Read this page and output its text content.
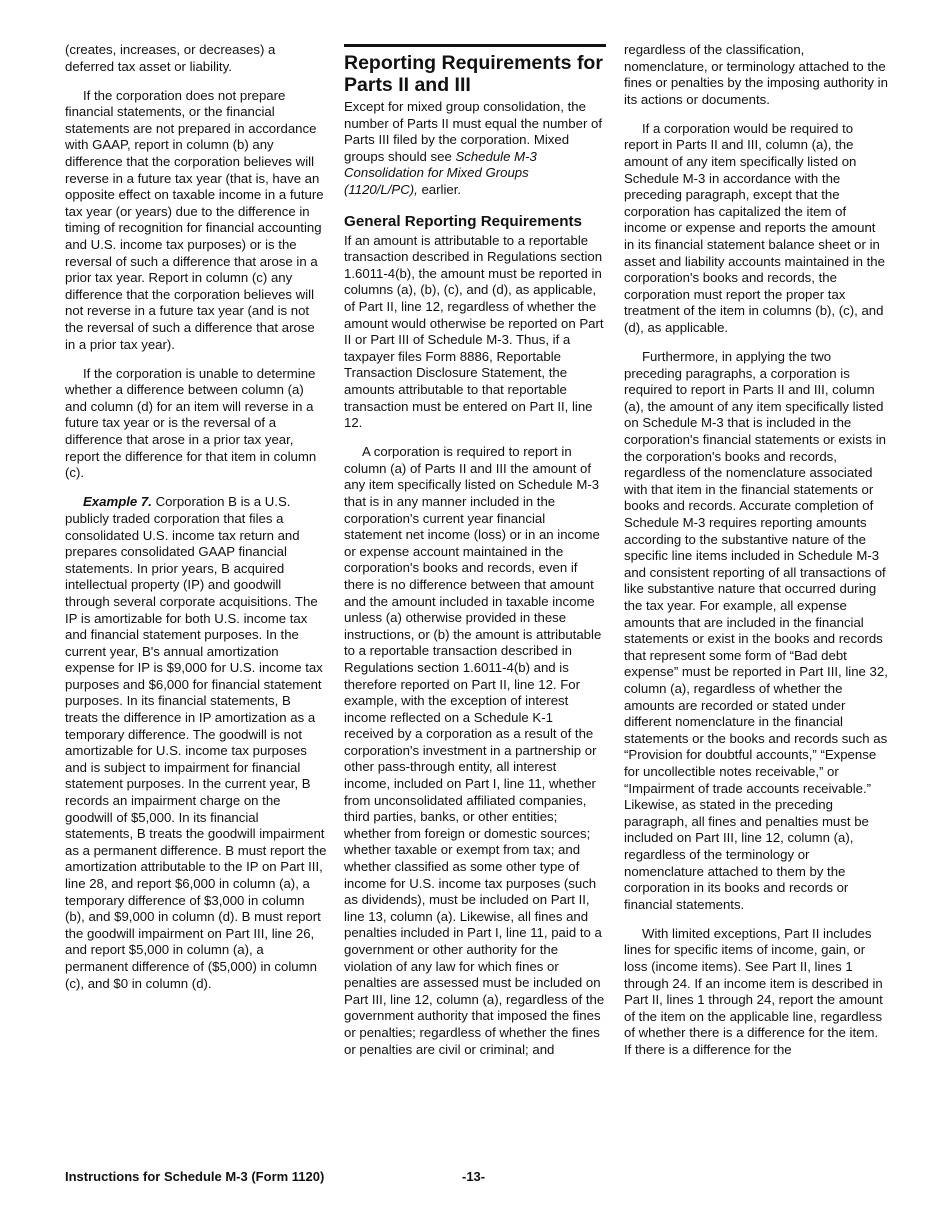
(creates, increases, or decreases) a deferred tax asset or liability.

If the corporation does not prepare financial statements, or the financial statements are not prepared in accordance with GAAP, report in column (b) any difference that the corporation believes will reverse in a future tax year (that is, have an opposite effect on taxable income in a future tax year (or years) due to the difference in timing of recognition for financial accounting and U.S. income tax purposes) or is the reversal of such a difference that arose in a prior tax year. Report in column (c) any difference that the corporation believes will not reverse in a future tax year (and is not the reversal of such a difference that arose in a prior tax year).

If the corporation is unable to determine whether a difference between column (a) and column (d) for an item will reverse in a future tax year or is the reversal of a difference that arose in a prior tax year, report the difference for that item in column (c).

Example 7. Corporation B is a U.S. publicly traded corporation that files a consolidated U.S. income tax return and prepares consolidated GAAP financial statements. In prior years, B acquired intellectual property (IP) and goodwill through several corporate acquisitions. The IP is amortizable for both U.S. income tax and financial statement purposes. In the current year, B's annual amortization expense for IP is $9,000 for U.S. income tax purposes and $6,000 for financial statement purposes. In its financial statements, B treats the difference in IP amortization as a temporary difference. The goodwill is not amortizable for U.S. income tax purposes and is subject to impairment for financial statement purposes. In the current year, B records an impairment charge on the goodwill of $5,000. In its financial statements, B treats the goodwill impairment as a permanent difference. B must report the amortization attributable to the IP on Part III, line 28, and report $6,000 in column (a), a temporary difference of $3,000 in column (b), and $9,000 in column (d). B must report the goodwill impairment on Part III, line 26, and report $5,000 in column (a), a permanent difference of ($5,000) in column (c), and $0 in column (d).

Reporting Requirements for Parts II and III

Except for mixed group consolidation, the number of Parts II must equal the number of Parts III filed by the corporation. Mixed groups should see Schedule M-3 Consolidation for Mixed Groups (1120/L/PC), earlier.

General Reporting Requirements

If an amount is attributable to a reportable transaction described in Regulations section 1.6011-4(b), the amount must be reported in columns (a), (b), (c), and (d), as applicable, of Part II, line 12, regardless of whether the amount would otherwise be reported on Part II or Part III of Schedule M-3. Thus, if a taxpayer files Form 8886, Reportable Transaction Disclosure Statement, the amounts attributable to that reportable transaction must be entered on Part II, line 12.

A corporation is required to report in column (a) of Parts II and III the amount of any item specifically listed on Schedule M-3 that is in any manner included in the corporation's current year financial statement net income (loss) or in an income or expense account maintained in the corporation's books and records, even if there is no difference between that amount and the amount included in taxable income unless (a) otherwise provided in these instructions, or (b) the amount is attributable to a reportable transaction described in Regulations section 1.6011-4(b) and is therefore reported on Part II, line 12. For example, with the exception of interest income reflected on a Schedule K-1 received by a corporation as a result of the corporation's investment in a partnership or other pass-through entity, all interest income, included on Part I, line 11, whether from unconsolidated affiliated companies, third parties, banks, or other entities; whether from foreign or domestic sources; whether taxable or exempt from tax; and whether classified as some other type of income for U.S. income tax purposes (such as dividends), must be included on Part II, line 13, column (a). Likewise, all fines and penalties included in Part I, line 11, paid to a government or other authority for the violation of any law for which fines or penalties are assessed must be included on Part III, line 12, column (a), regardless of the government authority that imposed the fines or penalties; regardless of whether the fines or penalties are civil or criminal; and

regardless of the classification, nomenclature, or terminology attached to the fines or penalties by the imposing authority in its actions or documents.

If a corporation would be required to report in Parts II and III, column (a), the amount of any item specifically listed on Schedule M-3 in accordance with the preceding paragraph, except that the corporation has capitalized the item of income or expense and reports the amount in its financial statement balance sheet or in asset and liability accounts maintained in the corporation's books and records, the corporation must report the proper tax treatment of the item in columns (b), (c), and (d), as applicable.

Furthermore, in applying the two preceding paragraphs, a corporation is required to report in Parts II and III, column (a), the amount of any item specifically listed on Schedule M-3 that is included in the corporation's financial statements or exists in the corporation's books and records, regardless of the nomenclature associated with that item in the financial statements or books and records. Accurate completion of Schedule M-3 requires reporting amounts according to the substantive nature of the specific line items included in Schedule M-3 and consistent reporting of all transactions of like substantive nature that occurred during the tax year. For example, all expense amounts that are included in the financial statements or exist in the books and records that represent some form of “Bad debt expense” must be reported in Part III, line 32, column (a), regardless of whether the amounts are recorded or stated under different nomenclature in the financial statements or the books and records such as “Provision for doubtful accounts,” “Expense for uncollectible notes receivable,” or “Impairment of trade accounts receivable.” Likewise, as stated in the preceding paragraph, all fines and penalties must be included on Part III, line 12, column (a), regardless of the terminology or nomenclature attached to them by the corporation in its books and records or financial statements.

With limited exceptions, Part II includes lines for specific items of income, gain, or loss (income items). See Part II, lines 1 through 24. If an income item is described in Part II, lines 1 through 24, report the amount of the item on the applicable line, regardless of whether there is a difference for the item. If there is a difference for the

Instructions for Schedule M-3 (Form 1120)	-13-
